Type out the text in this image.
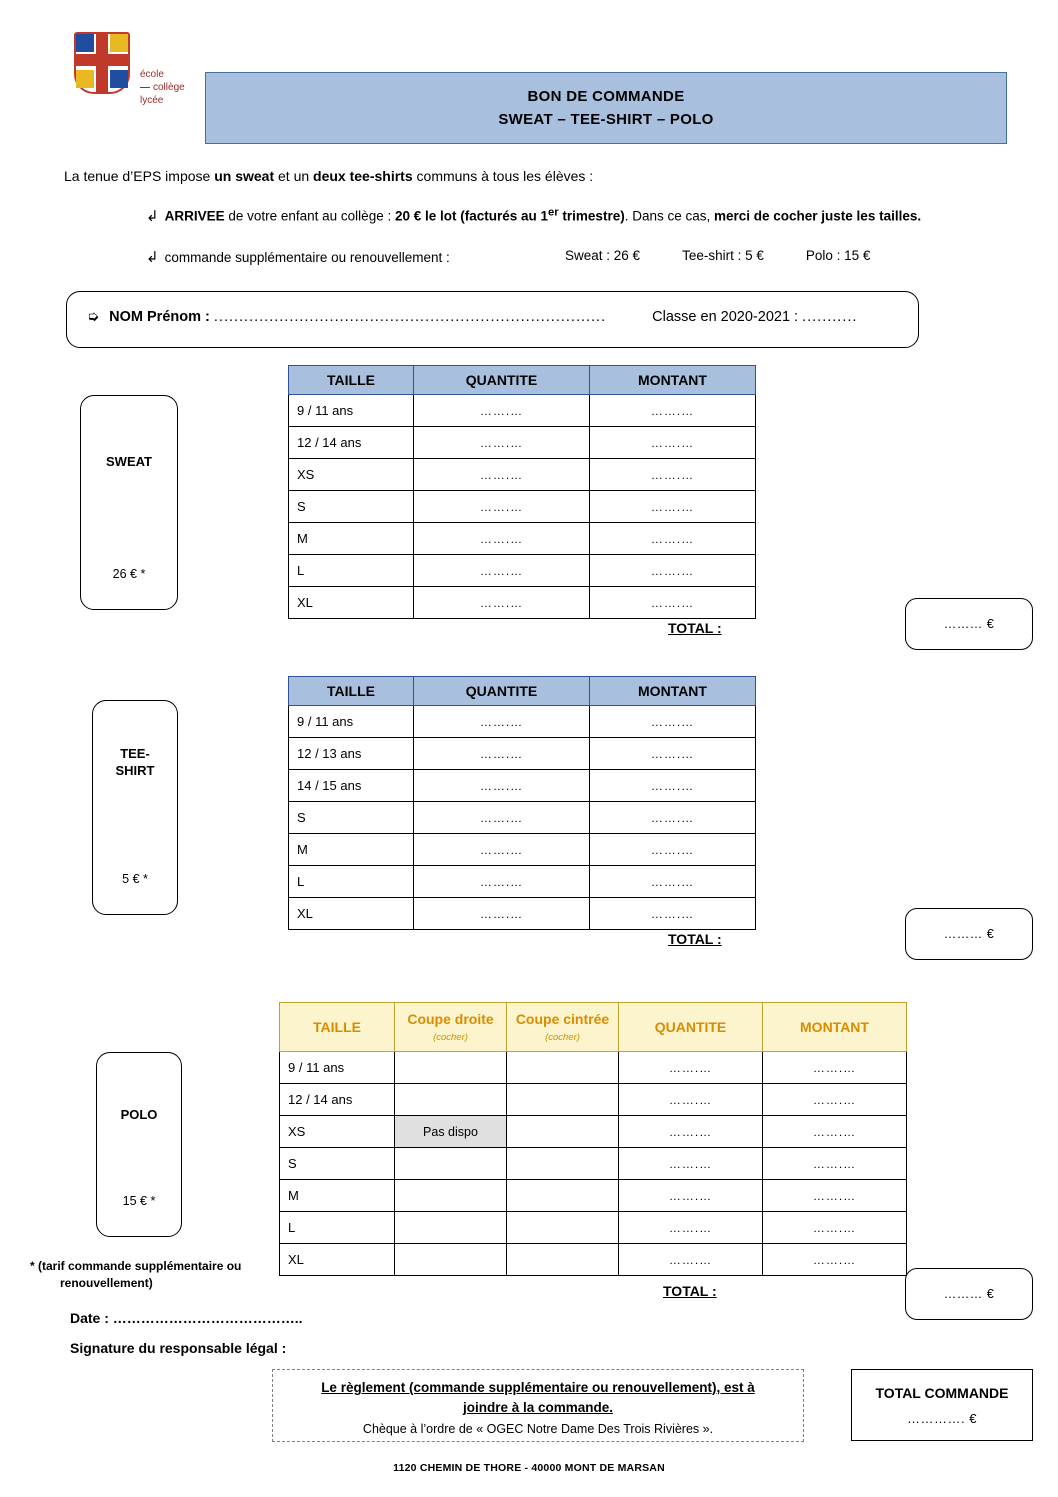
école
collège
lycée	BON DE COMMANDE
SWEAT – TEE-SHIRT – POLO
La tenue d’EPS impose un sweat et un deux tee-shirts communs à tous les élèves :
↲ ARRIVEE de votre enfant au collège : 20 € le lot (facturés au 1er trimestre). Dans ce cas, merci de cocher juste les tailles.
↲ commande supplémentaire ou renouvellement :	Sweat : 26 €	Tee-shirt : 5 €	Polo : 15 €
➭ NOM Prénom : ..............................................................................	Classe en 2020-2021 : ...........
SWEAT
26 € *
TAILLE	QUANTITE	MONTANT
9 / 11 ans	…….…	…….…
12 / 14 ans	…….…	…….…
XS	…….…	…….…
S	…….…	…….…
M	…….…	…….…
L	…….…	…….…
XL	…….…	…….…
TOTAL :	……… €
TEE-
SHIRT
5 € *
TAILLE	QUANTITE	MONTANT
9 / 11 ans	…….…	…….…
12 / 13 ans	…….…	…….…
14 / 15 ans	…….…	…….…
S	…….…	…….…
M	…….…	…….…
L	…….…	…….…
XL	…….…	…….…
TOTAL :	……… €
POLO
15 € *
TAILLE	Coupe droite (cocher)	Coupe cintrée (cocher)	QUANTITE	MONTANT
9 / 11 ans			…….…	…….…
12 / 14 ans			…….…	…….…
XS	Pas dispo		…….…	…….…
S			…….…	…….…
M			…….…	…….…
L			…….…	…….…
XL			…….…	…….…
TOTAL :	……… €
* (tarif commande supplémentaire ou
renouvellement)
Date : …………………………………..
Signature du responsable légal :
Le règlement (commande supplémentaire ou renouvellement), est à
joindre à la commande.
Chèque à l’ordre de « OGEC Notre Dame Des Trois Rivières ».
TOTAL COMMANDE
…………. €
1120 CHEMIN DE THORE - 40000 MONT DE MARSAN
